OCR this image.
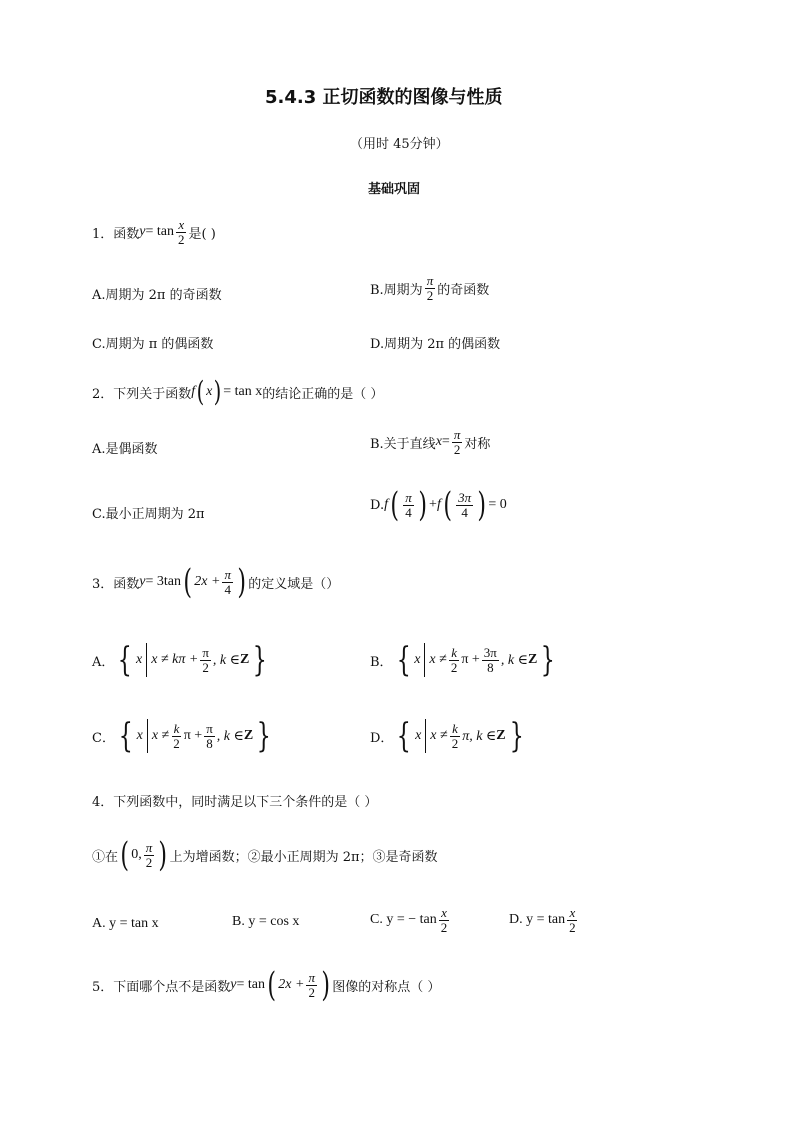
5.4.3 正切函数的图像与性质
（用时 45分钟）
基础巩固
1．函数 $y = \tan \frac{x}{2}$ 是( )
A.周期为 2π 的奇函数	B.周期为 $\frac{\pi}{2}$ 的奇函数
C.周期为 π 的偶函数	D.周期为 2π 的偶函数
2．下列关于函数 f ( x ) = tan x 的结论正确的是（ ）
A.是偶函数	B.关于直线 $x = \frac{\pi}{2}$ 对称
C.最小正周期为 2π
D. f ( $\frac{\pi}{4}$ ) + f ( $\frac{3\pi}{4}$ ) = 0
3．函数 y = 3tan ( $2x + \frac{\pi}{4}$ ) 的定义域是（）
A． { x $x \ne k\pi + \frac{\pi}{2}$ , k ∈ Z }	B． { x $x \ne \frac{k}{2}$ $\pi + \frac{3\pi}{8}$ , k ∈ Z }
C． { x $x \ne \frac{k}{2}$ $\pi + \frac{\pi}{8}$ , k ∈ Z }	D． { x $x \ne \frac{k}{2} \pi$, k ∈ Z }
4．下列函数中，同时满足以下三个条件的是（ ）
①在 ( 0, $\frac{\pi}{2}$ ) 上为增函数；②最小正周期为 2π；③是奇函数
A. y = tan x	B. y = cos x	C. y = − $\tan \frac{x}{2}$	D. $y = \tan \frac{x}{2}$
5．下面哪个点不是函数 y = tan ( $2x + \frac{\pi}{2}$ ) 图像的对称点（ ）
